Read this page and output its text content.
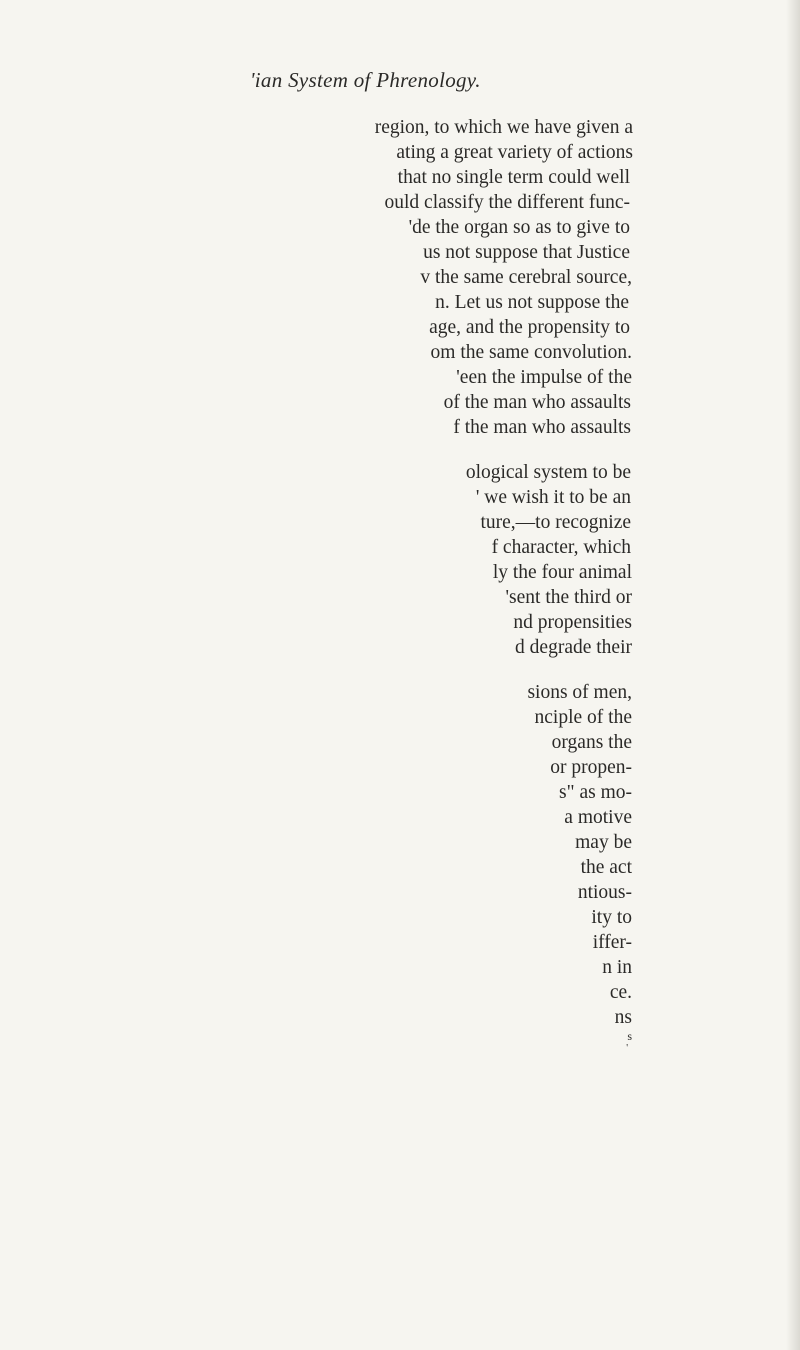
'ian System of Phrenology.
region, to which we have given a
ating a great variety of actions
that no single term could well
ould classify the different func-
'de the organ so as to give to
us not suppose that Justice
v the same cerebral source,
n. Let us not suppose the
age, and the propensity to
om the same convolution.
'een the impulse of the
of the man who assaults
f the man who assaults
ological system to be
' we wish it to be an
ture,—to recognize
f character, which
ly the four animal
'sent the third or
nd propensities
d degrade their
sions of men,
nciple of the
organs the
or propen-
s" as mo-
a motive
may be
the act
ntious-
ity to
iffer-
n in
ce.
ns
s
'
